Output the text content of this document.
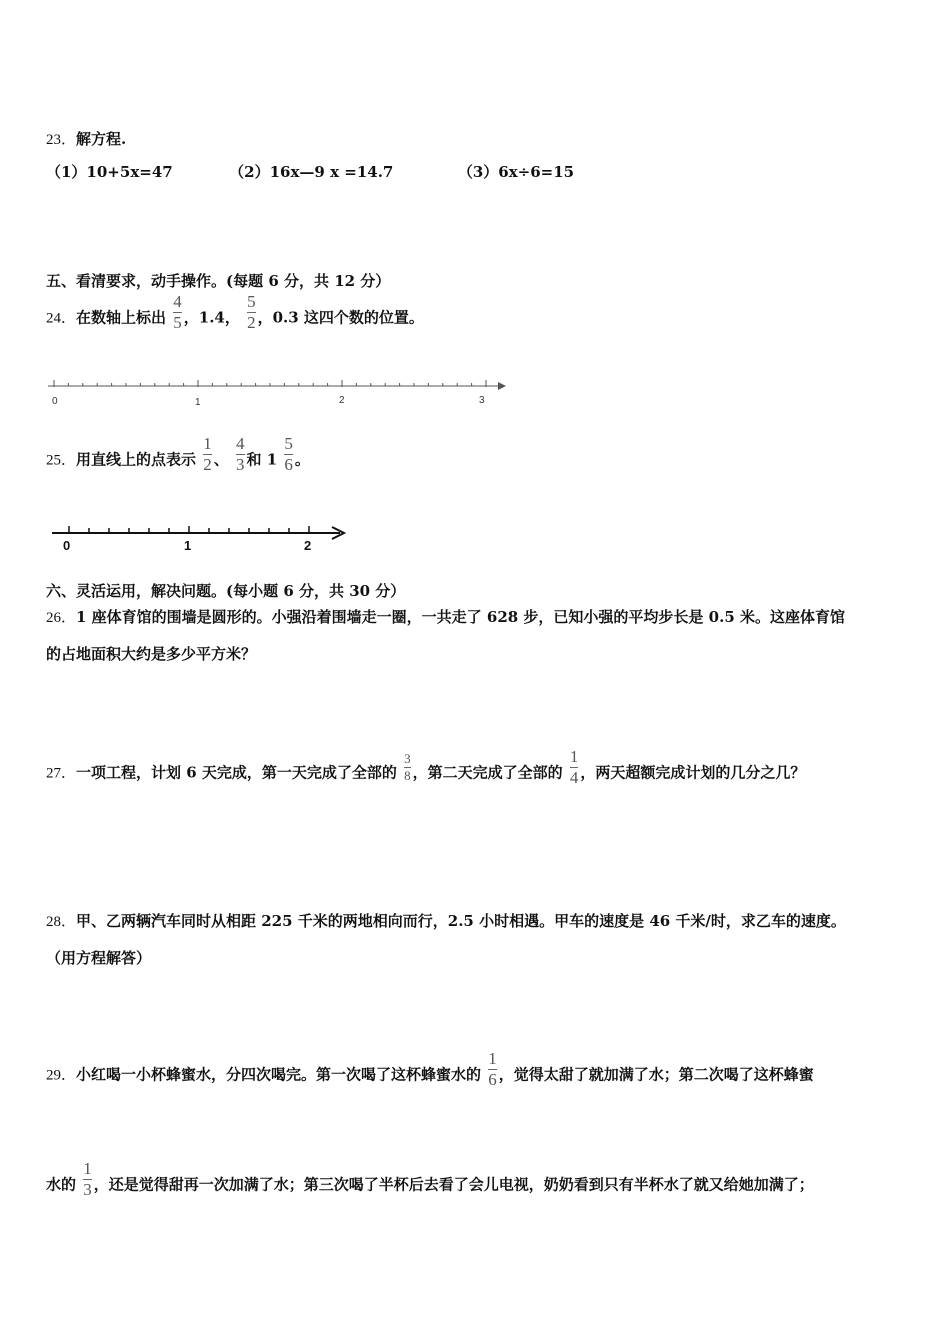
23．解方程.
（1）10+5x=47	（2）16x—9 x =14.7	（3）6x÷6=15
五、看清要求，动手操作。(每题 6 分，共 12 分）
24．在数轴上标出 $\frac{4}{5}$ ，1.4， $\frac{5}{2}$ ，0.3 这四个数的位置。
0	1	2	3
25．用直线上的点表示 $\frac{1}{2}$ 、 $\frac{4}{3}$ 和 $1 \frac{5}{6}$ 。
0	1	2
六、灵活运用，解决问题。(每小题 6 分，共 30 分）
26．1 座体育馆的围墙是圆形的。小强沿着围墙走一圈，一共走了 628 步，已知小强的平均步长是 0.5 米。这座体育馆
的占地面积大约是多少平方米？
27．一项工程，计划 6 天完成，第一天完成了全部的 $\frac{3}{8}$ ，第二天完成了全部的 $\frac{1}{4}$ ，两天超额完成计划的几分之几？
28．甲、乙两辆汽车同时从相距 225 千米的两地相向而行，2.5 小时相遇。甲车的速度是 46 千米/时，求乙车的速度。
（用方程解答）
29．小红喝一小杯蜂蜜水，分四次喝完。第一次喝了这杯蜂蜜水的 $\frac{1}{6}$ ，觉得太甜了就加满了水；第二次喝了这杯蜂蜜
水的 $\frac{1}{3}$ ，还是觉得甜再一次加满了水；第三次喝了半杯后去看了会儿电视，奶奶看到只有半杯水了就又给她加满了；
